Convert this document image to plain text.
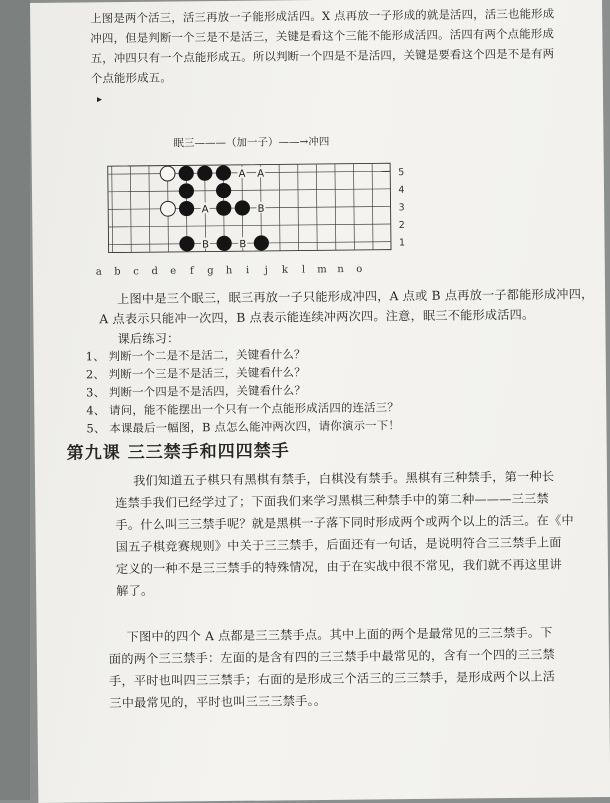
上图是两个活三，活三再放一子能形成活四。X 点再放一子形成的就是活四，活三也能形成
冲四，但是判断一个三是不是活三，关键是看这个三能不能形成活四。活四有两个点能形成
五，冲四只有一个点能形成五。所以判断一个四是不是活四，关键是要看这个四是不是有两
个点能形成五。
▸
眠三———（加一子）——→冲四
A A
A	B
B	B
5
4
3
2
1
a b c d e f g h i j k l m n o
上图中是三个眠三，眠三再放一子只能形成冲四，A 点或 B 点再放一子都能形成冲四，
A 点表示只能冲一次四，B 点表示能连续冲两次四。注意，眠三不能形成活四。
课后练习：
1、 判断一个二是不是活二，关键看什么？
2、 判断一个三是不是活三，关键看什么？
3、 判断一个四是不是活四，关键看什么？
4、 请问，能不能摆出一个只有一个点能形成活四的连活三？
5、 本课最后一幅图，B 点怎么能冲两次四，请你演示一下！
第九课 三三禁手和四四禁手
我们知道五子棋只有黑棋有禁手，白棋没有禁手。黑棋有三种禁手，第一种长
连禁手我们已经学过了；下面我们来学习黑棋三种禁手中的第二种———三三禁
手。什么叫三三禁手呢？就是黑棋一子落下同时形成两个或两个以上的活三。在《中
国五子棋竞赛规则》中关于三三禁手，后面还有一句话，是说明符合三三禁手上面
定义的一种不是三三禁手的特殊情况，由于在实战中很不常见，我们就不再这里讲
解了。
下图中的四个 A 点都是三三禁手点。其中上面的两个是最常见的三三禁手。下
面的两个三三禁手：左面的是含有四的三三禁手中最常见的，含有一个四的三三禁
手，平时也叫四三三禁手；右面的是形成三个活三的三三禁手，是形成两个以上活
三中最常见的，平时也叫三三三禁手。。
